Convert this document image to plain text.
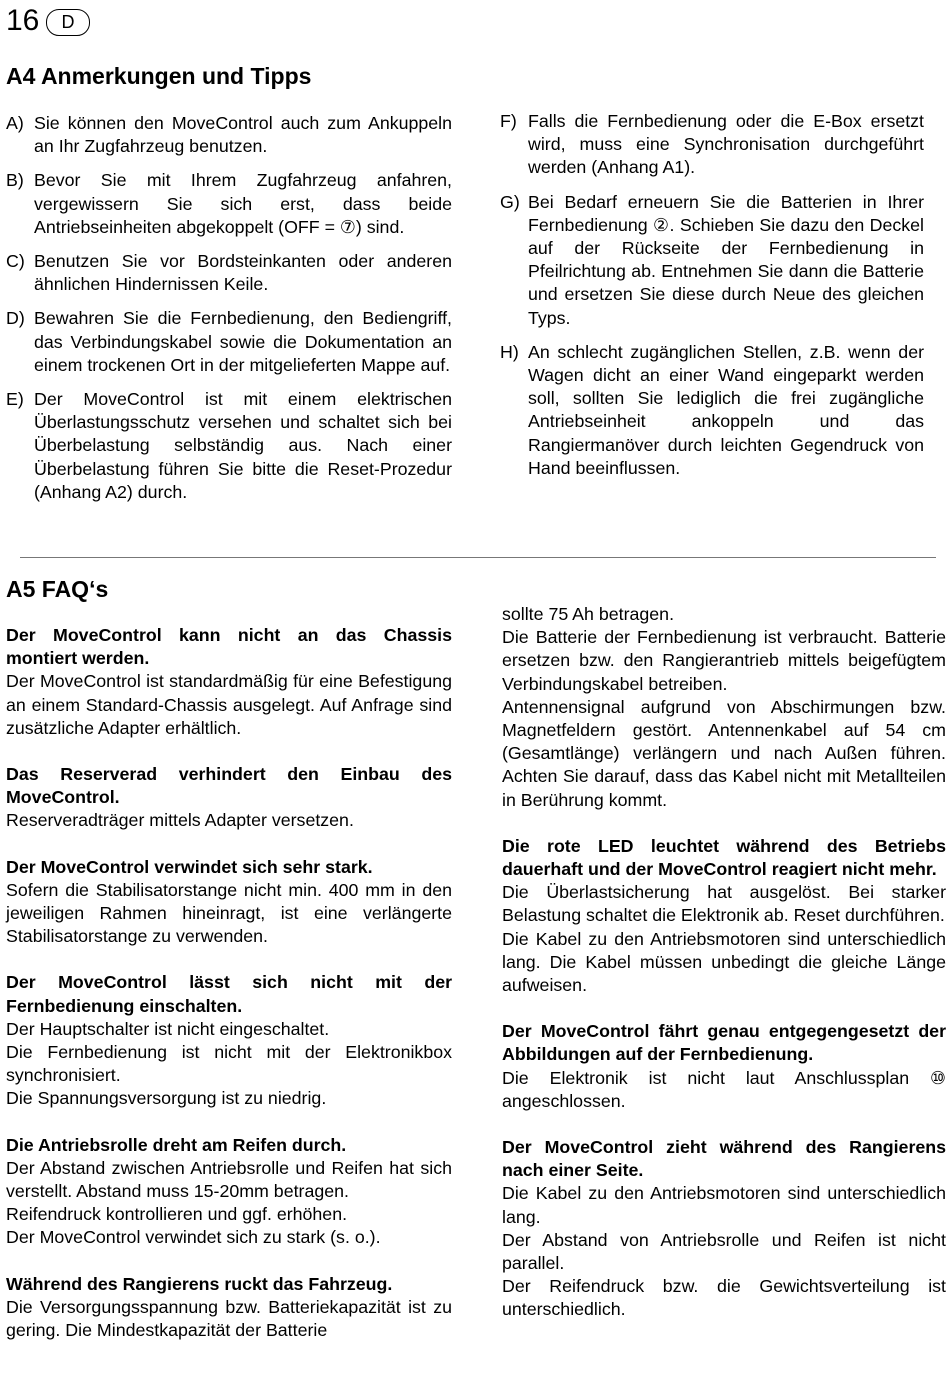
16	D
A4 Anmerkungen und Tipps
A) Sie können den MoveControl auch zum Ankuppeln an Ihr Zugfahrzeug benutzen.
B) Bevor Sie mit Ihrem Zugfahrzeug anfahren, vergewissern Sie sich erst, dass beide Antriebseinheiten abgekoppelt (OFF = ⑦) sind.
C) Benutzen Sie vor Bordsteinkanten oder anderen ähnlichen Hindernissen Keile.
D) Bewahren Sie die Fernbedienung, den Bediengriff, das Verbindungskabel sowie die Dokumentation an einem trockenen Ort in der mitgelieferten Mappe auf.
E) Der MoveControl ist mit einem elektrischen Überlastungsschutz versehen und schaltet sich bei Überbelastung selbständig aus. Nach einer Überbelastung führen Sie bitte die Reset-Prozedur (Anhang A2) durch.
F) Falls die Fernbedienung oder die E-Box ersetzt wird, muss eine Synchronisation durchgeführt werden (Anhang A1).
G) Bei Bedarf erneuern Sie die Batterien in Ihrer Fernbedienung ②. Schieben Sie dazu den Deckel auf der Rückseite der Fernbedienung in Pfeilrichtung ab. Entnehmen Sie dann die Batterie und ersetzen Sie diese durch Neue des gleichen Typs.
H) An schlecht zugänglichen Stellen, z.B. wenn der Wagen dicht an einer Wand eingeparkt werden soll, sollten Sie lediglich die frei zugängliche Antriebseinheit ankoppeln und das Rangiermanöver durch leichten Gegendruck von Hand beeinflussen.
A5 FAQ‘s
Der MoveControl kann nicht an das Chassis montiert werden.
Der MoveControl ist standardmäßig für eine Befestigung an einem Standard-Chassis ausgelegt. Auf Anfrage sind zusätzliche Adapter erhältlich.
Das Reserverad verhindert den Einbau des MoveControl.
Reserveradträger mittels Adapter versetzen.
Der MoveControl verwindet sich sehr stark.
Sofern die Stabilisatorstange nicht min. 400 mm in den jeweiligen Rahmen hineinragt, ist eine verlängerte Stabilisatorstange zu verwenden.
Der MoveControl lässt sich nicht mit der Fernbedienung einschalten.
Der Hauptschalter ist nicht eingeschaltet.
Die Fernbedienung ist nicht mit der Elektronikbox synchronisiert.
Die Spannungsversorgung ist zu niedrig.
Die Antriebsrolle dreht am Reifen durch.
Der Abstand zwischen Antriebsrolle und Reifen hat sich verstellt. Abstand muss 15-20mm betragen.
Reifendruck kontrollieren und ggf. erhöhen.
Der MoveControl verwindet sich zu stark (s. o.).
Während des Rangierens ruckt das Fahrzeug.
Die Versorgungsspannung bzw. Batteriekapazität ist zu gering. Die Mindestkapazität der Batterie
sollte 75 Ah betragen.
Die Batterie der Fernbedienung ist verbraucht. Batterie ersetzen bzw. den Rangierantrieb mittels beigefügtem Verbindungskabel betreiben.
Antennensignal aufgrund von Abschirmungen bzw. Magnetfeldern gestört. Antennenkabel auf 54 cm (Gesamtlänge) verlängern und nach Außen führen. Achten Sie darauf, dass das Kabel nicht mit Metallteilen in Berührung kommt.
Die rote LED leuchtet während des Betriebs dauerhaft und der MoveControl reagiert nicht mehr.
Die Überlastsicherung hat ausgelöst. Bei starker Belastung schaltet die Elektronik ab. Reset durchführen.
Die Kabel zu den Antriebsmotoren sind unterschiedlich lang. Die Kabel müssen unbedingt die gleiche Länge aufweisen.
Der MoveControl fährt genau entgegengesetzt der Abbildungen auf der Fernbedienung.
Die Elektronik ist nicht laut Anschlussplan ⑩ angeschlossen.
Der MoveControl zieht während des Rangierens nach einer Seite.
Die Kabel zu den Antriebsmotoren sind unterschiedlich lang.
Der Abstand von Antriebsrolle und Reifen ist nicht parallel.
Der Reifendruck bzw. die Gewichtsverteilung ist unterschiedlich.
